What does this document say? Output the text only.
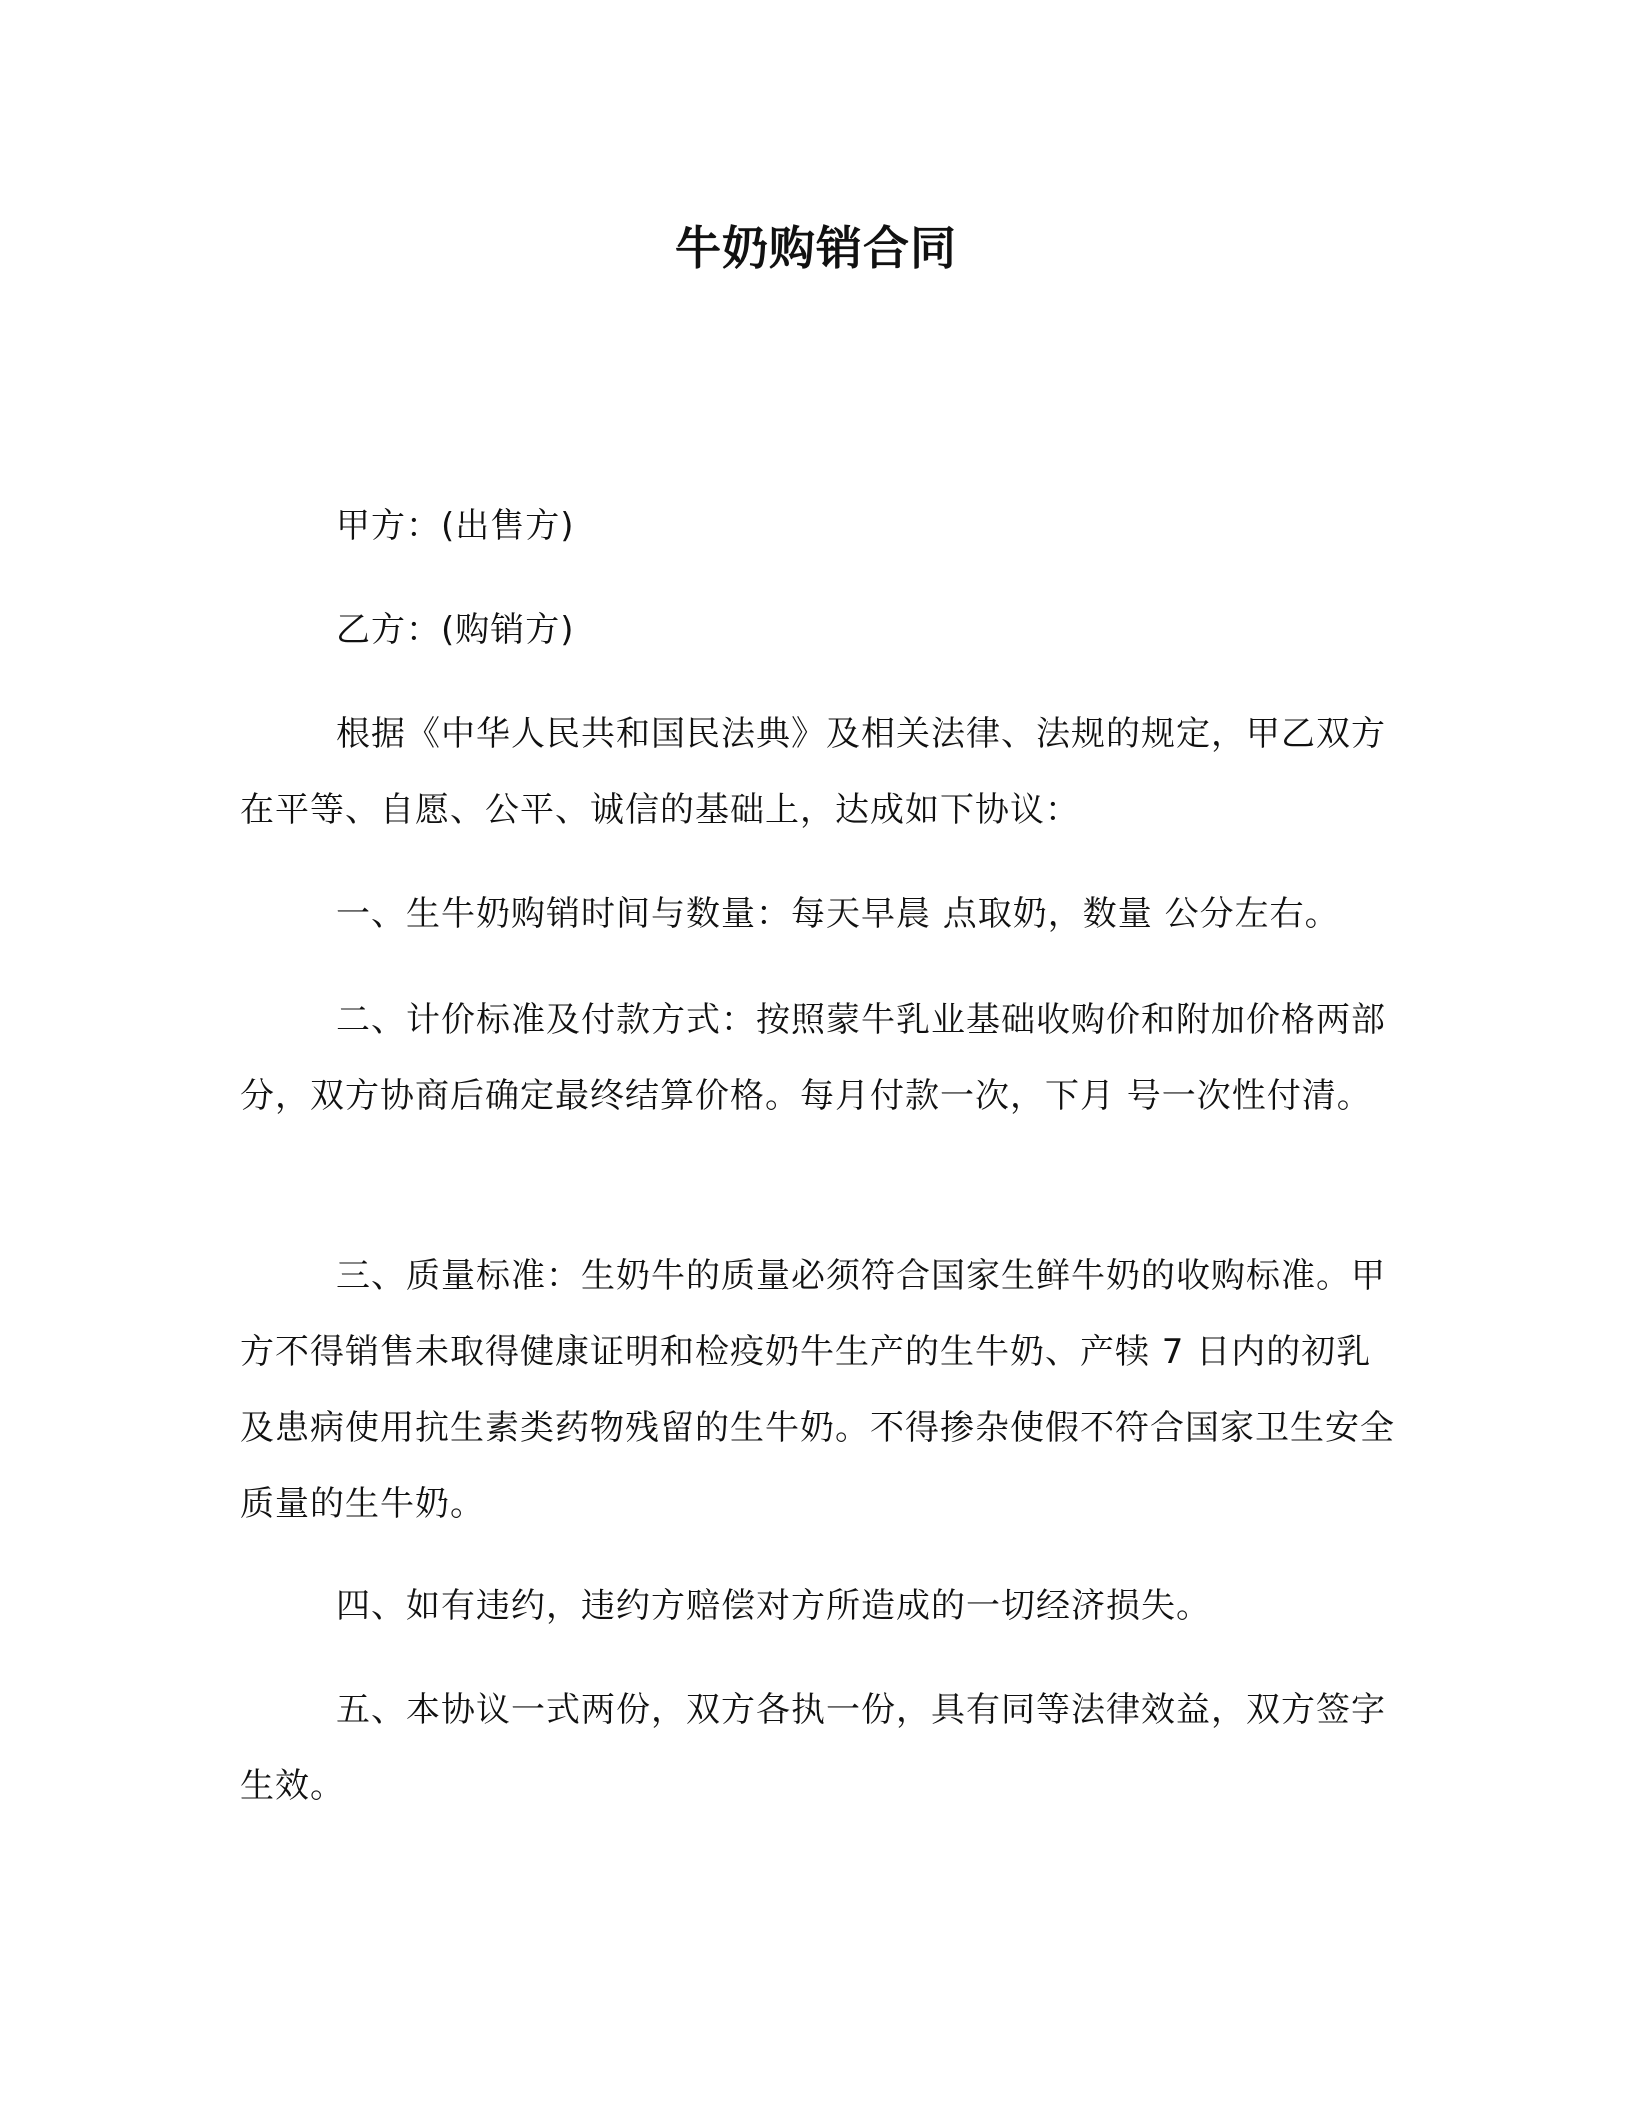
牛奶购销合同

甲方：(出售方)

乙方：(购销方)

根据《中华人民共和国民法典》及相关法律、法规的规定，甲乙双方在平等、自愿、公平、诚信的基础上，达成如下协议：

一、生牛奶购销时间与数量：每天早晨 点取奶，数量 公分左右。

二、计价标准及付款方式：按照蒙牛乳业基础收购价和附加价格两部分，双方协商后确定最终结算价格。每月付款一次，下月 号一次性付清。

三、质量标准：生奶牛的质量必须符合国家生鲜牛奶的收购标准。甲方不得销售未取得健康证明和检疫奶牛生产的生牛奶、产犊 7 日内的初乳及患病使用抗生素类药物残留的生牛奶。不得掺杂使假不符合国家卫生安全质量的生牛奶。

四、如有违约，违约方赔偿对方所造成的一切经济损失。

五、本协议一式两份，双方各执一份，具有同等法律效益，双方签字生效。
